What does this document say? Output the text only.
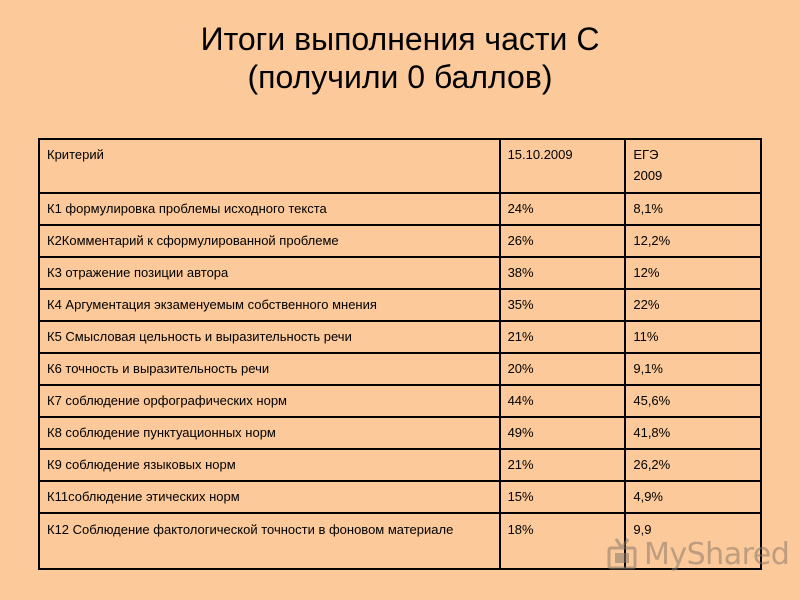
Итоги выполнения части С
(получили 0 баллов)
Критерий	15.10.2009	ЕГЭ
2009

К1 формулировка проблемы исходного текста	24%	8,1%
К2Комментарий к сформулированной проблеме	26%	12,2%
К3 отражение позиции автора	38%	12%
К4 Аргументация экзаменуемым собственного мнения	35%	22%
К5 Смысловая цельность и выразительность речи	21%	11%
К6 точность и выразительность речи	20%	9,1%
К7 соблюдение орфографических норм	44%	45,6%
К8 соблюдение пунктуационных норм	49%	41,8%
К9 соблюдение языковых норм	21%	26,2%
К11соблюдение этических норм	15%	4,9%
К12 Соблюдение фактологической точности в фоновом материале	18%	9,9
MyShared
